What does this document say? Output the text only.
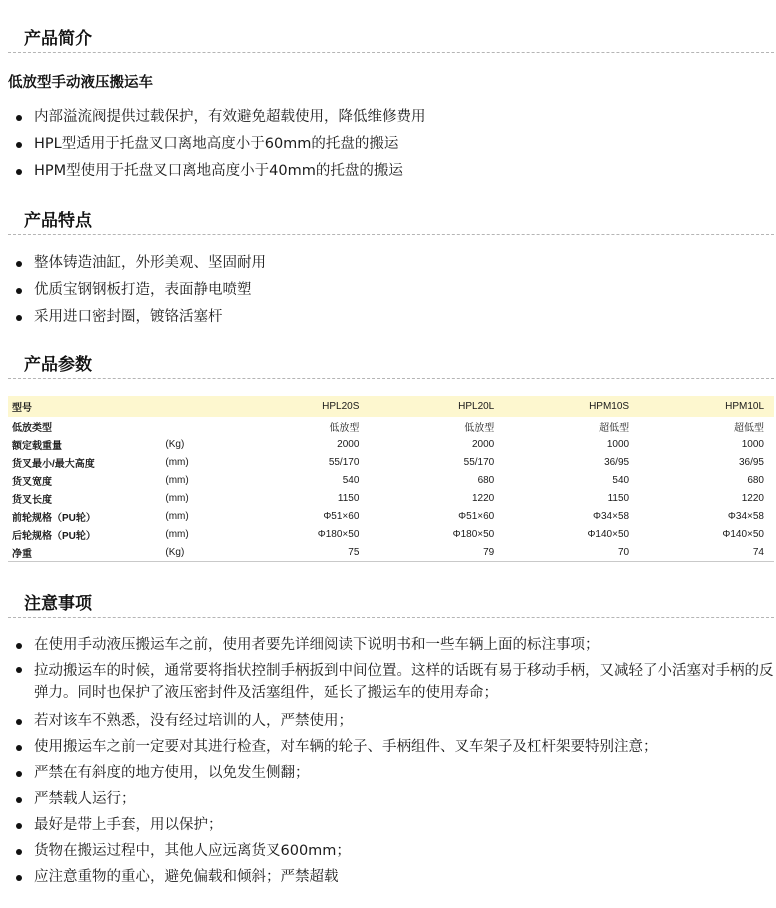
产品简介
低放型手动液压搬运车
内部溢流阀提供过载保护，有效避免超载使用，降低维修费用
HPL型适用于托盘叉口离地高度小于60mm的托盘的搬运
HPM型使用于托盘叉口离地高度小于40mm的托盘的搬运
产品特点
整体铸造油缸，外形美观、坚固耐用
优质宝钢钢板打造，表面静电喷塑
采用进口密封圈，镀铬活塞杆
产品参数
型号		HPL20S	HPL20L	HPM10S	HPM10L
低放类型		低放型	低放型	超低型	超低型
额定载重量	(Kg)	2000	2000	1000	1000
货叉最小/最大高度	(mm)	55/170	55/170	36/95	36/95
货叉宽度	(mm)	540	680	540	680
货叉长度	(mm)	1150	1220	1150	1220
前轮规格（PU轮）	(mm)	Φ51×60	Φ51×60	Φ34×58	Φ34×58
后轮规格（PU轮）	(mm)	Φ180×50	Φ180×50	Φ140×50	Φ140×50
净重	(Kg)	75	79	70	74
注意事项
在使用手动液压搬运车之前，使用者要先详细阅读下说明书和一些车辆上面的标注事项；
拉动搬运车的时候，通常要将指状控制手柄扳到中间位置。这样的话既有易于移动手柄，又减轻了小活塞对手柄的反弹力。同时也保护了液压密封件及活塞组件，延长了搬运车的使用寿命；
若对该车不熟悉，没有经过培训的人，严禁使用；
使用搬运车之前一定要对其进行检查，对车辆的轮子、手柄组件、叉车架子及杠杆架要特别注意；
严禁在有斜度的地方使用，以免发生侧翻；
严禁载人运行；
最好是带上手套，用以保护；
货物在搬运过程中，其他人应远离货叉600mm；
应注意重物的重心，避免偏载和倾斜；严禁超载
